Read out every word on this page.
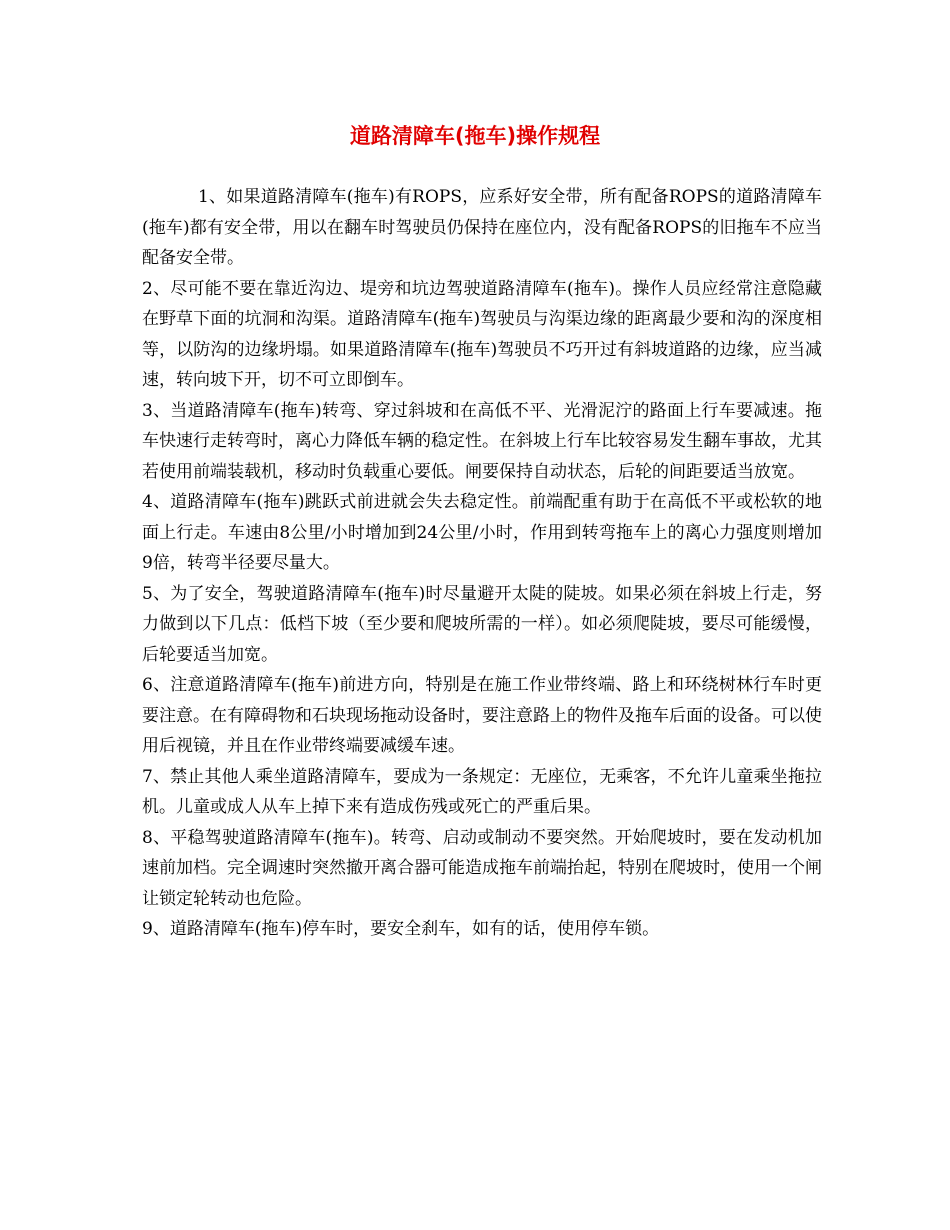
道路清障车(拖车)操作规程

1、如果道路清障车(拖车)有ROPS，应系好安全带，所有配备ROPS的道路清障车(拖车)都有安全带，用以在翻车时驾驶员仍保持在座位内，没有配备ROPS的旧拖车不应当配备安全带。

2、尽可能不要在靠近沟边、堤旁和坑边驾驶道路清障车(拖车)。操作人员应经常注意隐藏在野草下面的坑洞和沟渠。道路清障车(拖车)驾驶员与沟渠边缘的距离最少要和沟的深度相等，以防沟的边缘坍塌。如果道路清障车(拖车)驾驶员不巧开过有斜坡道路的边缘，应当减速，转向坡下开，切不可立即倒车。

3、当道路清障车(拖车)转弯、穿过斜坡和在高低不平、光滑泥泞的路面上行车要减速。拖车快速行走转弯时，离心力降低车辆的稳定性。在斜坡上行车比较容易发生翻车事故，尤其若使用前端装载机，移动时负载重心要低。闸要保持自动状态，后轮的间距要适当放宽。

4、道路清障车(拖车)跳跃式前进就会失去稳定性。前端配重有助于在高低不平或松软的地面上行走。车速由8公里/小时增加到24公里/小时，作用到转弯拖车上的离心力强度则增加9倍，转弯半径要尽量大。

5、为了安全，驾驶道路清障车(拖车)时尽量避开太陡的陡坡。如果必须在斜坡上行走，努力做到以下几点：低档下坡（至少要和爬坡所需的一样）。如必须爬陡坡，要尽可能缓慢，后轮要适当加宽。

6、注意道路清障车(拖车)前进方向，特别是在施工作业带终端、路上和环绕树林行车时更要注意。在有障碍物和石块现场拖动设备时，要注意路上的物件及拖车后面的设备。可以使用后视镜，并且在作业带终端要减缓车速。

7、禁止其他人乘坐道路清障车，要成为一条规定：无座位，无乘客，不允许儿童乘坐拖拉机。儿童或成人从车上掉下来有造成伤残或死亡的严重后果。

8、平稳驾驶道路清障车(拖车)。转弯、启动或制动不要突然。开始爬坡时，要在发动机加速前加档。完全调速时突然撤开离合器可能造成拖车前端抬起，特别在爬坡时，使用一个闸让锁定轮转动也危险。

9、道路清障车(拖车)停车时，要安全刹车，如有的话，使用停车锁。
